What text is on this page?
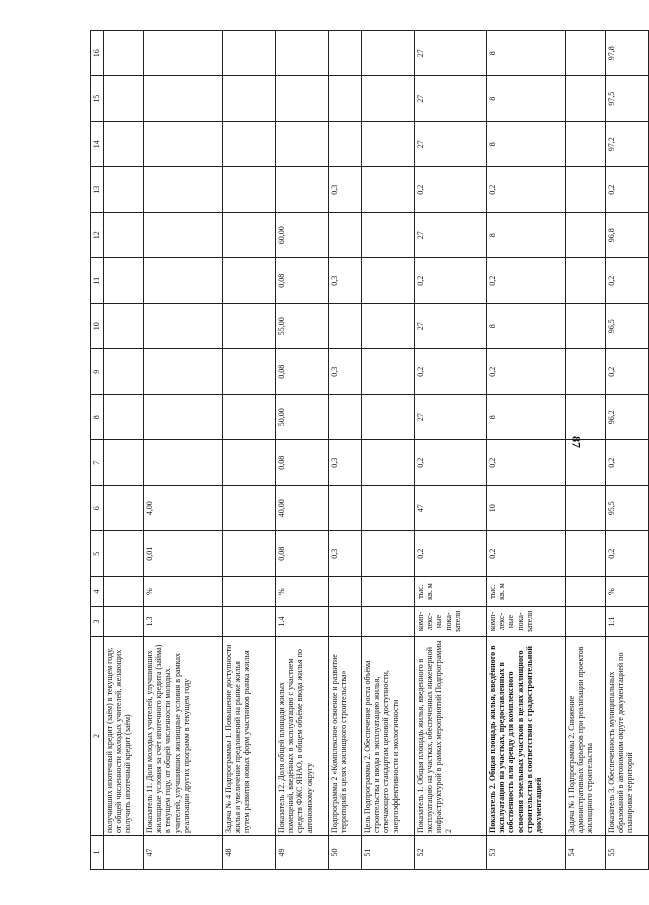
87
1	2	3	4	5	6	7	8	9	10	11	12	13	14	15	16
	получивших ипотечный кредит (заём) в текущем году, от общей численности молодых учителей, желающих получить ипотечный кредит (заём)														
47	Показатель 11. Доля молодых учителей, улучшивших жилищные условия за счёт ипотечного кредита (займа) в текущем году, от общей численности молодых учителей, улучшивших жилищные условия в рамках реализации других программ в текущем году	1.3	%	0,01	4,00										
48	Задача № 4 Подпрограммы 1. Повышение доступности жилья и увеличение предложений на рынке жилья путем развития новых форм участников рынка жилья														
49	Показатель 12. Доля общей площади жилых помещений, введённых в эксплуатацию с участием средств ФЖС ЯНАО, в общем объёме ввода жилья по автономному округу	1.4	%	0,08	40,00	0,08	50,00	0,08	55,00	0,08	60,00				
50	Подпрограмма 2 «Комплексное освоение и развитие территорий в целях жилищного строительства»			0,3		0,3		0,3		0,3		0,3			
51	Цель Подпрограммы 2. Обеспечение роста объёма строительства и ввода в эксплуатацию жилья, отвечающего стандартам ценовой доступности, энергоэффективности и экологичности														
52	Показатель 1. Общая площадь жилья, введенного в эксплуатацию на участках, обеспеченных инженерной инфраструктурой в рамках мероприятий Подпрограммы 2	комп-лекс-ные пока-затели	тыс. кв. м	0,2	47	0,2	27	0,2	27	0,2	27	0,2	27	27	27
53	Показатель 2. Общая площадь жилья, введённого в эксплуатацию на участках, предоставленных в собственность или аренду для комплексного освоения земельных участков в целях жилищного строительства в соответствии с градостроительной документацией	комп-лекс-ные пока-затели	тыс. кв. м	0,2	10	0,2	8	0,2	8	0,2	8	0,2	8	8	8
54	Задача № 1 Подпрограммы 2. Снижение административных барьеров при реализации проектов жилищного строительства														
55	Показатель 3. Обеспеченность муниципальных образований в автономном округе документацией по планировке территорий	1.1	%	0,2	95,5	0,2	96,2	0,2	96,5	0,2	96,8	0,2	97,2	97,5	97,8
